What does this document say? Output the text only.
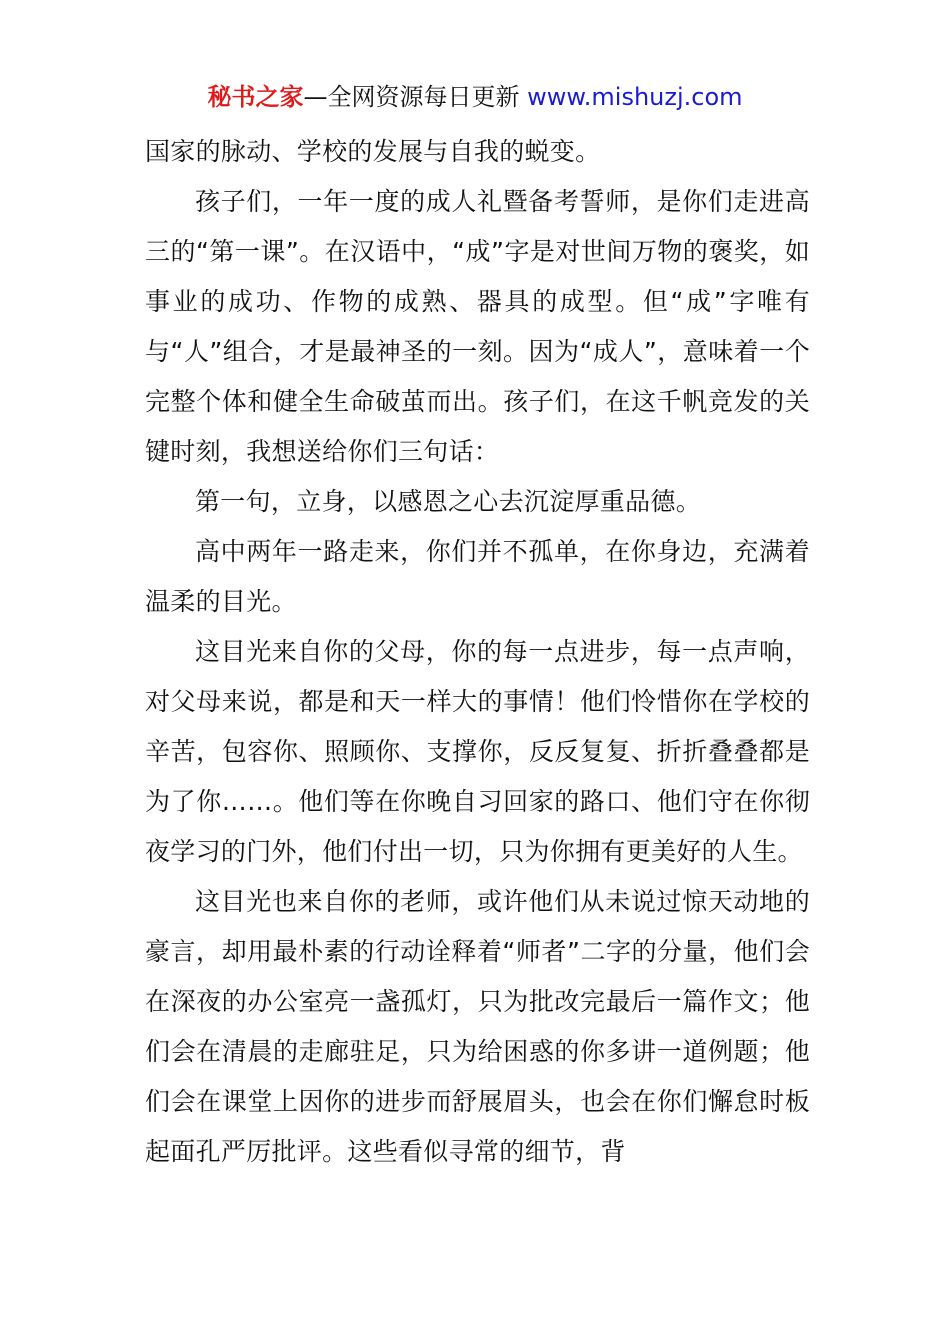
秘书之家—全网资源每日更新 www.mishuzj.com

国家的脉动、学校的发展与自我的蜕变。

孩子们，一年一度的成人礼暨备考誓师，是你们走进高三的“第一课”。在汉语中，“成”字是对世间万物的褒奖，如事业的成功、作物的成熟、器具的成型。但“成”字唯有与“人”组合，才是最神圣的一刻。因为“成人”，意味着一个完整个体和健全生命破茧而出。孩子们，在这千帆竞发的关键时刻，我想送给你们三句话：

第一句，立身，以感恩之心去沉淀厚重品德。

高中两年一路走来，你们并不孤单，在你身边，充满着温柔的目光。

这目光来自你的父母，你的每一点进步，每一点声响，对父母来说，都是和天一样大的事情！他们怜惜你在学校的辛苦，包容你、照顾你、支撑你，反反复复、折折叠叠都是为了你……。他们等在你晚自习回家的路口、他们守在你彻夜学习的门外，他们付出一切，只为你拥有更美好的人生。

这目光也来自你的老师，或许他们从未说过惊天动地的豪言，却用最朴素的行动诠释着“师者”二字的分量，他们会在深夜的办公室亮一盏孤灯，只为批改完最后一篇作文；他们会在清晨的走廊驻足，只为给困惑的你多讲一道例题；他们会在课堂上因你的进步而舒展眉头，也会在你们懈怠时板起面孔严厉批评。这些看似寻常的细节，背
